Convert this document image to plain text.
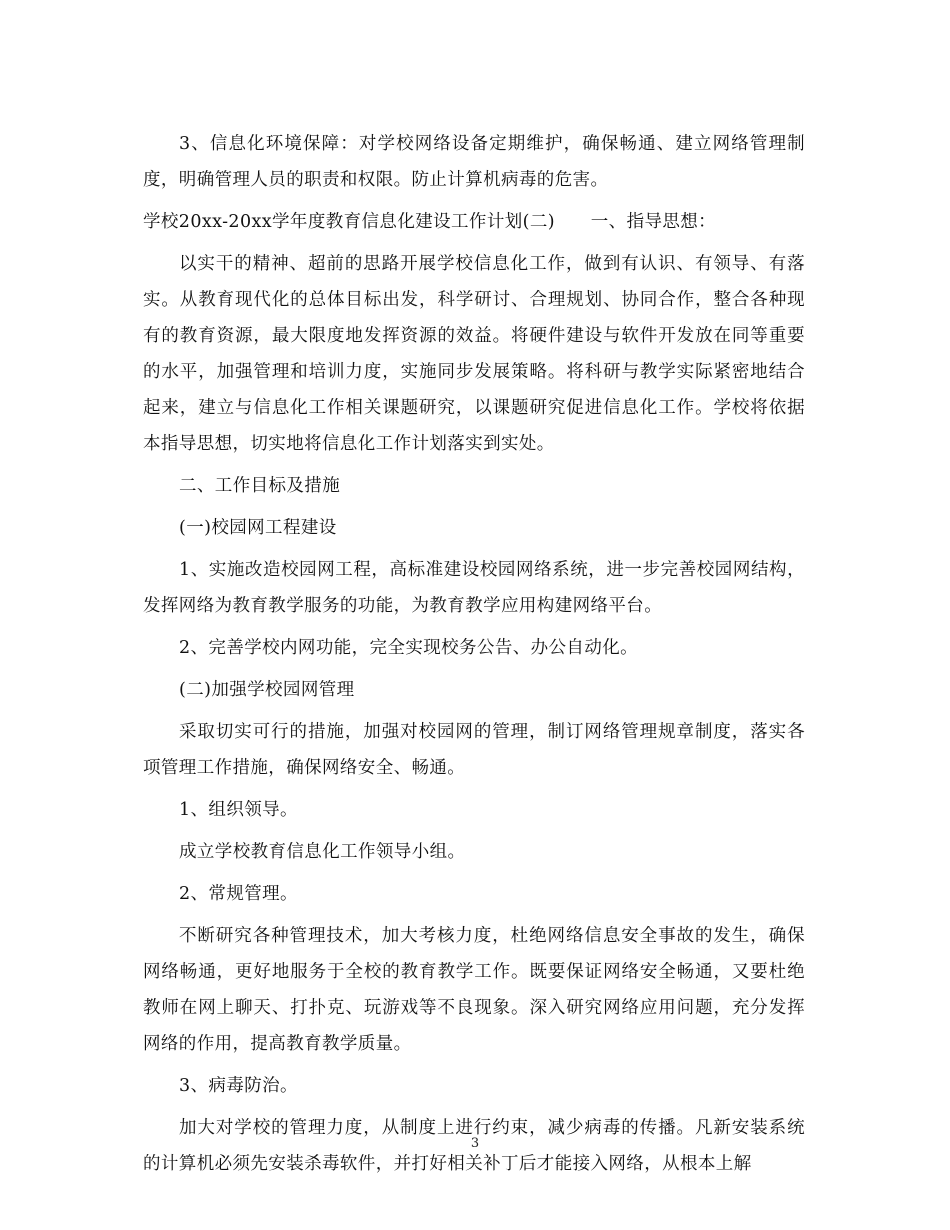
3、信息化环境保障：对学校网络设备定期维护，确保畅通、建立网络管理制度，明确管理人员的职责和权限。防止计算机病毒的危害。

学校20xx-20xx学年度教育信息化建设工作计划(二)　　一、指导思想：

以实干的精神、超前的思路开展学校信息化工作，做到有认识、有领导、有落实。从教育现代化的总体目标出发，科学研讨、合理规划、协同合作，整合各种现有的教育资源，最大限度地发挥资源的效益。将硬件建设与软件开发放在同等重要的水平，加强管理和培训力度，实施同步发展策略。将科研与教学实际紧密地结合起来，建立与信息化工作相关课题研究，以课题研究促进信息化工作。学校将依据本指导思想，切实地将信息化工作计划落实到实处。

二、工作目标及措施

(一)校园网工程建设

1、实施改造校园网工程，高标准建设校园网络系统，进一步完善校园网结构，发挥网络为教育教学服务的功能，为教育教学应用构建网络平台。

2、完善学校内网功能，完全实现校务公告、办公自动化。

(二)加强学校园网管理

采取切实可行的措施，加强对校园网的管理，制订网络管理规章制度，落实各项管理工作措施，确保网络安全、畅通。

1、组织领导。

成立学校教育信息化工作领导小组。

2、常规管理。

不断研究各种管理技术，加大考核力度，杜绝网络信息安全事故的发生，确保网络畅通，更好地服务于全校的教育教学工作。既要保证网络安全畅通，又要杜绝教师在网上聊天、打扑克、玩游戏等不良现象。深入研究网络应用问题，充分发挥网络的作用，提高教育教学质量。

3、病毒防治。

加大对学校的管理力度，从制度上进行约束，减少病毒的传播。凡新安装系统的计算机必须先安装杀毒软件，并打好相关补丁后才能接入网络，从根本上解

3
